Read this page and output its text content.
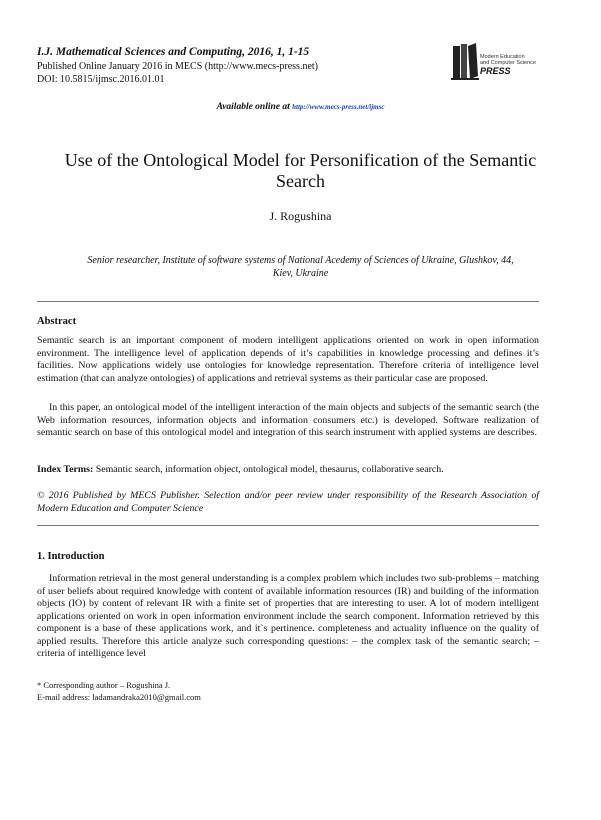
I.J. Mathematical Sciences and Computing, 2016, 1, 1-15
Published Online January 2016 in MECS (http://www.mecs-press.net)
DOI: 10.5815/ijmsc.2016.01.01
Modern Education
and Computer Science
PRESS
Available online at http://www.mecs-press.net/ijmsc
Use of the Ontological Model for Personification of the Semantic
Search
J. Rogushina
Senior researcher, Institute of software systems of National Acedemy of Sciences of Ukraine, Glushkov, 44,
Kiev, Ukraine
Abstract
Semantic search is an important component of modern intelligent applications oriented on work in open information environment. The intelligence level of application depends of it’s capabilities in knowledge processing and defines it’s facilities. Now applications widely use ontologies for knowledge representation. Therefore criteria of intelligence level estimation (that can analyze ontologies) of applications and retrieval systems as their particular case are proposed.
In this paper, an ontological model of the intelligent interaction of the main objects and subjects of the semantic search (the Web information resources, information objects and information consumers etc.) is developed. Software realization of semantic search on base of this ontological model and integration of this search instrument with applied systems are describes.
Index Terms: Semantic search, information object, ontological model, thesaurus, collaborative search.
© 2016 Published by MECS Publisher. Selection and/or peer review under responsibility of the Research Association of Modern Education and Computer Science
1. Introduction
Information retrieval in the most general understanding is a complex problem which includes two sub-problems – matching of user beliefs about required knowledge with content of available information resources (IR) and building of the information objects (IO) by content of relevant IR with a finite set of properties that are interesting to user. A lot of modern intelligent applications oriented on work in open information environment include the search component. Information retrieved by this component is a base of these applications work, and it`s pertinence. completeness and actuality influence on the quality of applied results. Therefore this article analyze such corresponding questions: – the complex task of the semantic search; – criteria of intelligence level
* Corresponding author – Rogushina J.
E-mail address: ladamandraka2010@gmail.com
